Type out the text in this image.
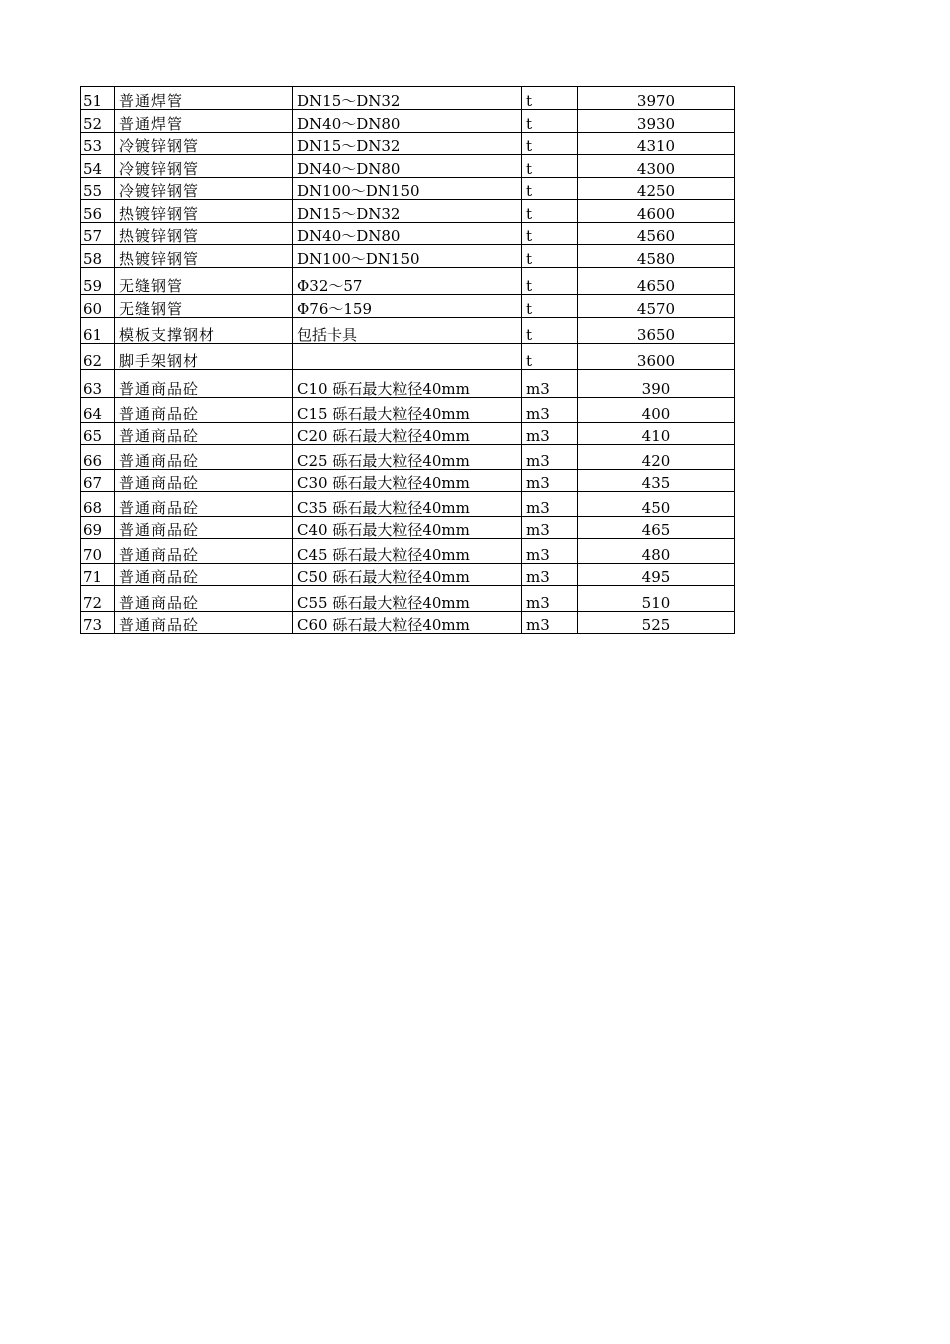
51	普通焊管	DN15～DN32	t	3970
52	普通焊管	DN40～DN80	t	3930
53	冷镀锌钢管	DN15～DN32	t	4310
54	冷镀锌钢管	DN40～DN80	t	4300
55	冷镀锌钢管	DN100～DN150	t	4250
56	热镀锌钢管	DN15～DN32	t	4600
57	热镀锌钢管	DN40～DN80	t	4560
58	热镀锌钢管	DN100～DN150	t	4580
59	无缝钢管	Φ32～57	t	4650
60	无缝钢管	Φ76～159	t	4570
61	模板支撑钢材	包括卡具	t	3650
62	脚手架钢材		t	3600
63	普通商品砼	C10 砾石最大粒径40mm	m3	390
64	普通商品砼	C15 砾石最大粒径40mm	m3	400
65	普通商品砼	C20 砾石最大粒径40mm	m3	410
66	普通商品砼	C25 砾石最大粒径40mm	m3	420
67	普通商品砼	C30 砾石最大粒径40mm	m3	435
68	普通商品砼	C35 砾石最大粒径40mm	m3	450
69	普通商品砼	C40 砾石最大粒径40mm	m3	465
70	普通商品砼	C45 砾石最大粒径40mm	m3	480
71	普通商品砼	C50 砾石最大粒径40mm	m3	495
72	普通商品砼	C55 砾石最大粒径40mm	m3	510
73	普通商品砼	C60 砾石最大粒径40mm	m3	525
